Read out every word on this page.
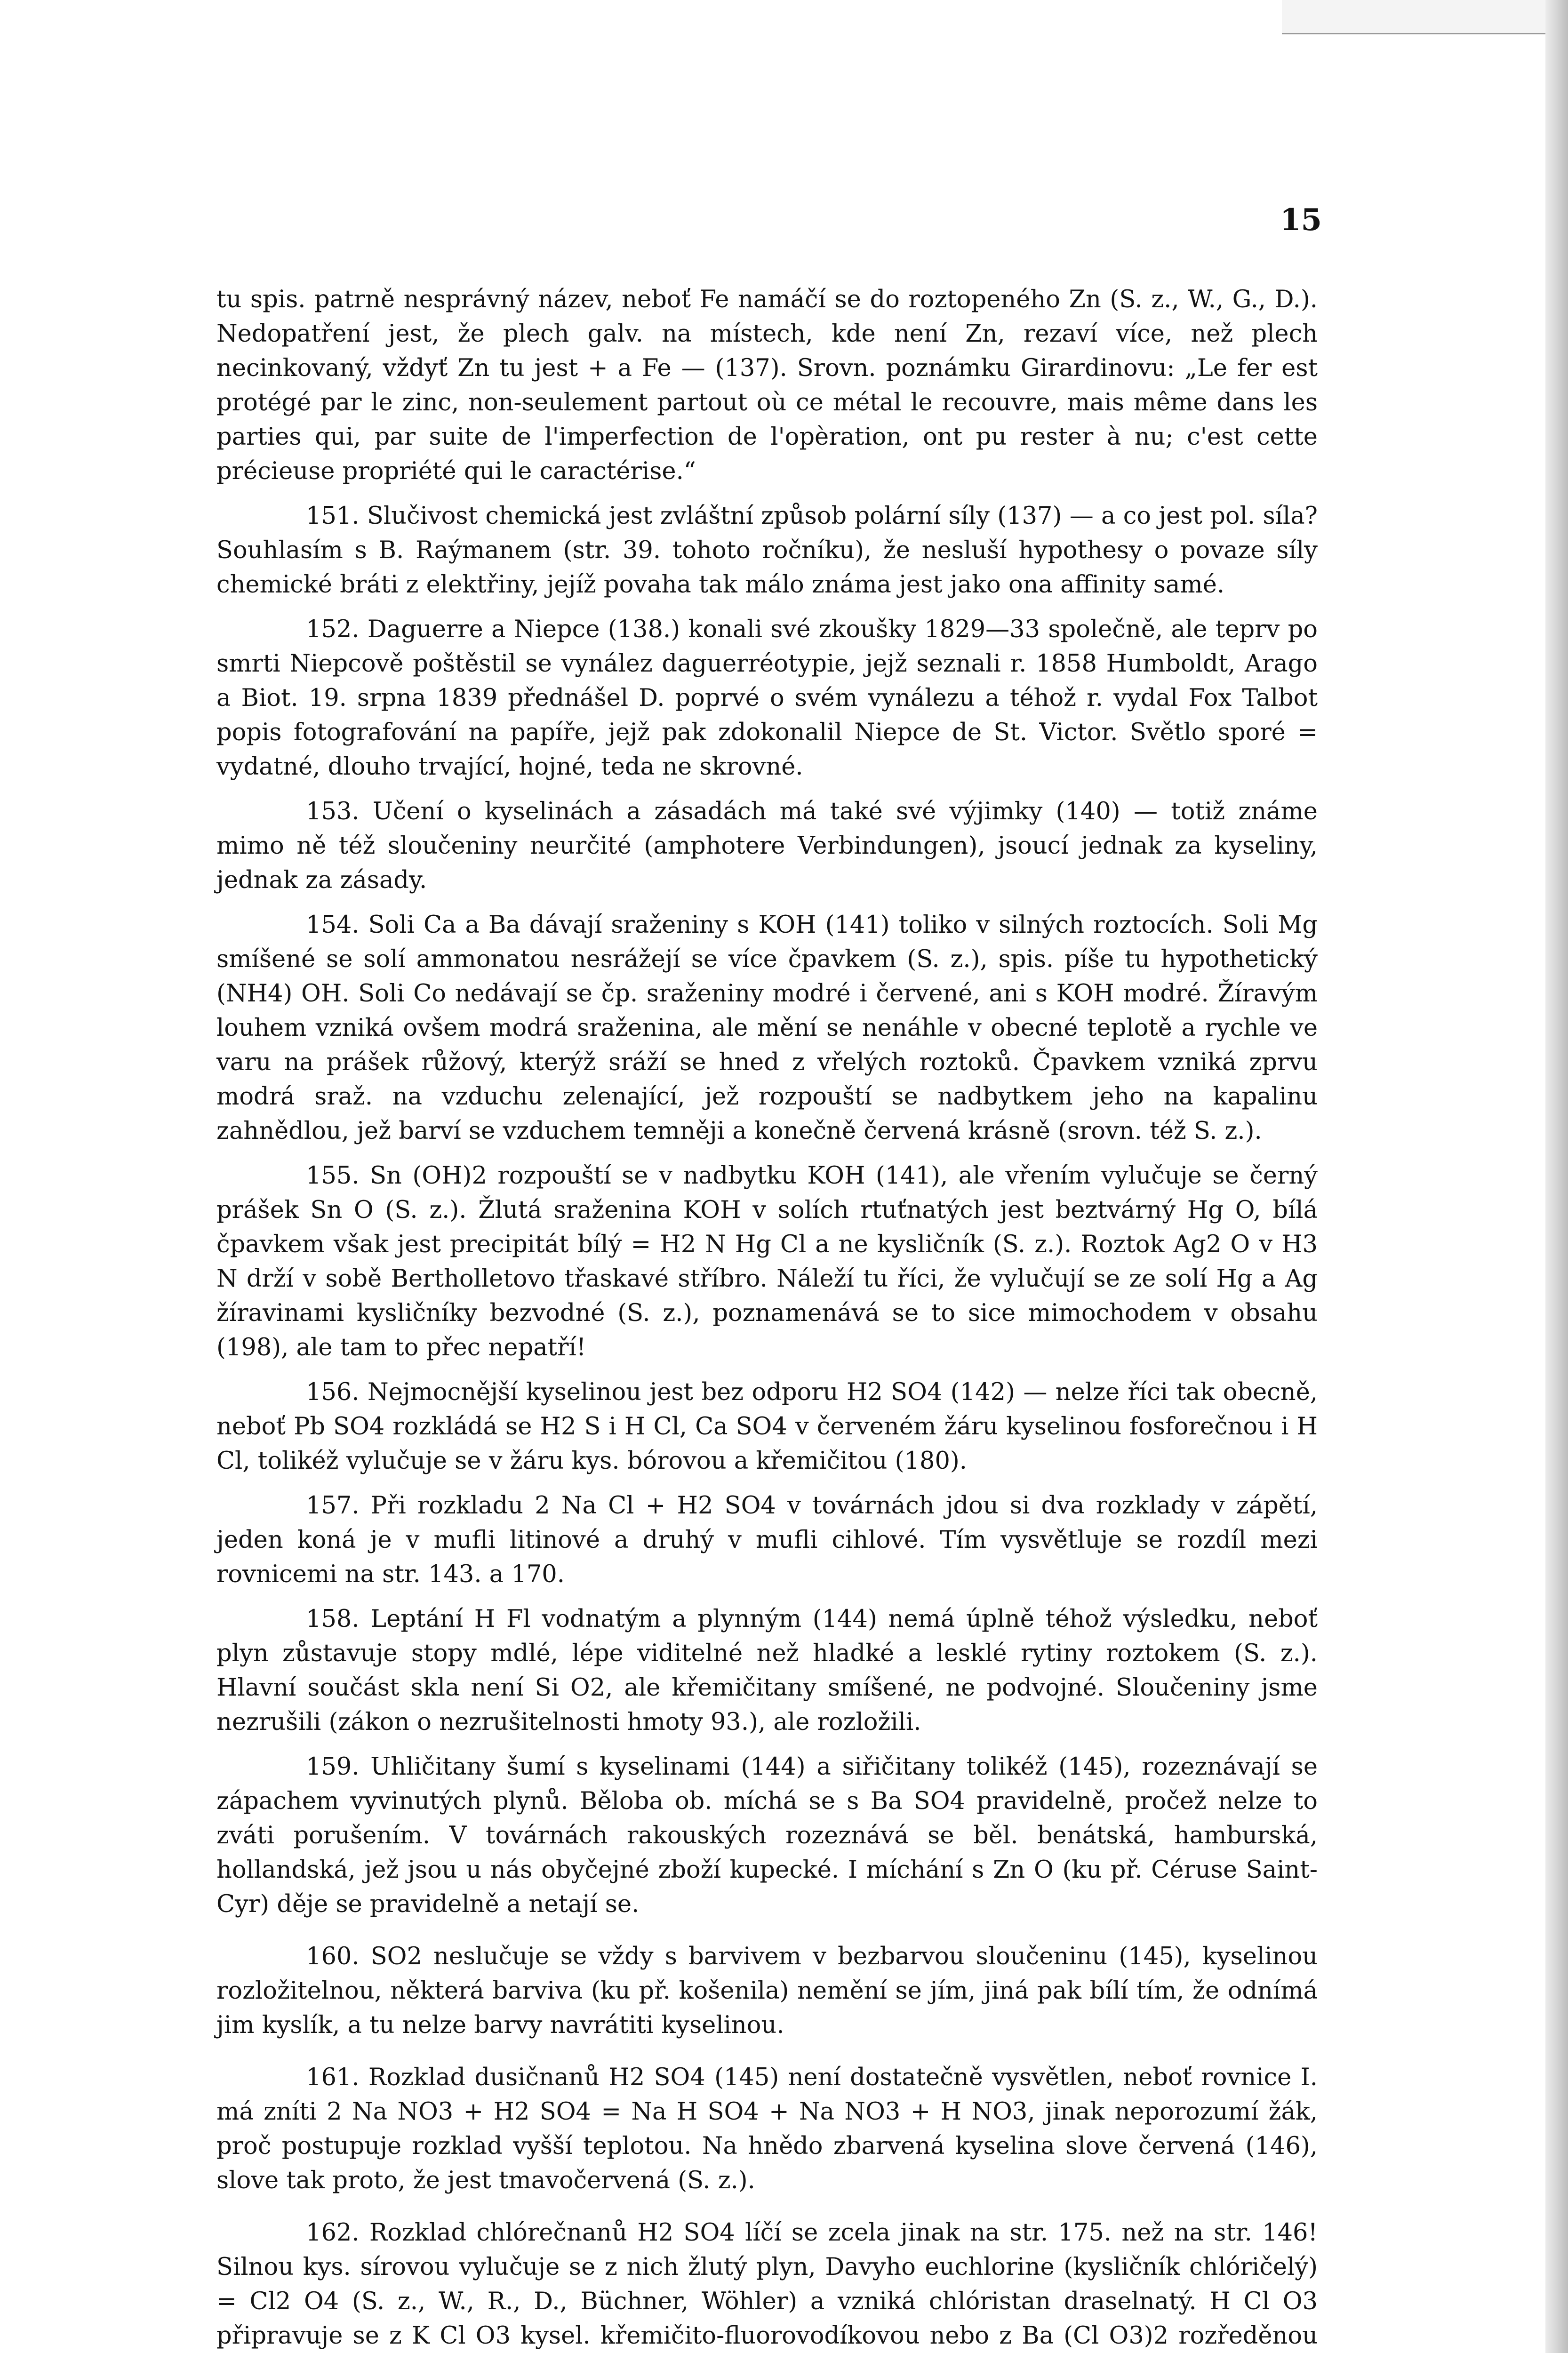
15

tu spis. patrně nesprávný název, neboť Fe namáčí se do roztopeného Zn (S. z., W., G., D.). Nedopatření jest, že plech galv. na místech, kde není Zn, rezaví více, než plech necinkovaný, vždyť Zn tu jest + a Fe — (137). Srovn. poznámku Girardinovu: „Le fer est protégé par le zinc, non-seulement partout où ce métal le recouvre, mais même dans les parties qui, par suite de l'imperfection de l'opèration, ont pu rester à nu; c'est cette précieuse propriété qui le caractérise.“

151. Slučivost chemická jest zvláštní způsob polární síly (137) — a co jest pol. síla? Souhlasím s B. Raýmanem (str. 39. tohoto ročníku), že nesluší hypothesy o povaze síly chemické bráti z elektřiny, jejíž povaha tak málo známa jest jako ona affinity samé.

152. Daguerre a Niepce (138.) konali své zkoušky 1829—33 společně, ale teprv po smrti Niepcově poštěstil se vynález daguerréotypie, jejž seznali r. 1858 Humboldt, Arago a Biot. 19. srpna 1839 přednášel D. poprvé o svém vynálezu a téhož r. vydal Fox Talbot popis fotografování na papíře, jejž pak zdokonalil Niepce de St. Victor. Světlo sporé = vydatné, dlouho trvající, hojné, teda ne skrovné.

153. Učení o kyselinách a zásadách má také své výjimky (140) — totiž známe mimo ně též sloučeniny neurčité (amphotere Verbindungen), jsoucí jednak za kyseliny, jednak za zásady.

154. Soli Ca a Ba dávají sraženiny s KOH (141) toliko v silných roztocích. Soli Mg smíšené se solí ammonatou nesrážejí se více čpavkem (S. z.), spis. píše tu hypothetický (NH4) OH. Soli Co nedávají se čp. sraženiny modré i červené, ani s KOH modré. Žíravým louhem vzniká ovšem modrá sraženina, ale mění se nenáhle v obecné teplotě a rychle ve varu na prášek růžový, kterýž sráží se hned z vřelých roztoků. Čpavkem vzniká zprvu modrá sraž. na vzduchu zelenající, jež rozpouští se nadbytkem jeho na kapalinu zahnědlou, jež barví se vzduchem temněji a konečně červená krásně (srovn. též S. z.).

155. Sn (OH)2 rozpouští se v nadbytku KOH (141), ale vřením vylučuje se černý prášek Sn O (S. z.). Žlutá sraženina KOH v solích rtuťnatých jest beztvárný Hg O, bílá čpavkem však jest precipitát bílý = H2 N Hg Cl a ne kysličník (S. z.). Roztok Ag2 O v H3 N drží v sobě Bertholletovo třaskavé stříbro. Náleží tu říci, že vylučují se ze solí Hg a Ag žíravinami kysličníky bezvodné (S. z.), poznamenává se to sice mimochodem v obsahu (198), ale tam to přec nepatří!

156. Nejmocnější kyselinou jest bez odporu H2 SO4 (142) — nelze říci tak obecně, neboť Pb SO4 rozkládá se H2 S i H Cl, Ca SO4 v červeném žáru kyselinou fosforečnou i H Cl, tolikéž vylučuje se v žáru kys. bórovou a křemičitou (180).

157. Při rozkladu 2 Na Cl + H2 SO4 v továrnách jdou si dva rozklady v zápětí, jeden koná je v mufli litinové a druhý v mufli cihlové. Tím vysvětluje se rozdíl mezi rovnicemi na str. 143. a 170.

158. Leptání H Fl vodnatým a plynným (144) nemá úplně téhož výsledku, neboť plyn zůstavuje stopy mdlé, lépe viditelné než hladké a lesklé rytiny roztokem (S. z.). Hlavní součást skla není Si O2, ale křemičitany smíšené, ne podvojné. Sloučeniny jsme nezrušili (zákon o nezrušitelnosti hmoty 93.), ale rozložili.

159. Uhličitany šumí s kyselinami (144) a siřičitany tolikéž (145), rozeznávají se zápachem vyvinutých plynů. Běloba ob. míchá se s Ba SO4 pravidelně, pročež nelze to zváti porušením. V továrnách rakouských rozeznává se běl. benátská, hamburská, hollandská, jež jsou u nás obyčejné zboží kupecké. I míchání s Zn O (ku př. Céruse Saint-Cyr) děje se pravidelně a netají se.

160. SO2 neslučuje se vždy s barvivem v bezbarvou sloučeninu (145), kyselinou rozložitelnou, některá barviva (ku př. košenila) nemění se jím, jiná pak bílí tím, že odnímá jim kyslík, a tu nelze barvy navrátiti kyselinou.

161. Rozklad dusičnanů H2 SO4 (145) není dostatečně vysvětlen, neboť rovnice I. má zníti 2 Na NO3 + H2 SO4 = Na H SO4 + Na NO3 + H NO3, jinak neporozumí žák, proč postupuje rozklad vyšší teplotou. Na hnědo zbarvená kyselina slove červená (146), slove tak proto, že jest tmavočervená (S. z.).

162. Rozklad chlórečnanů H2 SO4 líčí se zcela jinak na str. 175. než na str. 146! Silnou kys. sírovou vylučuje se z nich žlutý plyn, Davyho euchlorine (kysličník chlóričelý) = Cl2 O4 (S. z., W., R., D., Büchner, Wöhler) a vzniká chlóristan draselnatý. H Cl O3 připravuje se z K Cl O3 kysel. křemičito-fluorovodíkovou nebo z Ba (Cl O3)2 rozředěnou
